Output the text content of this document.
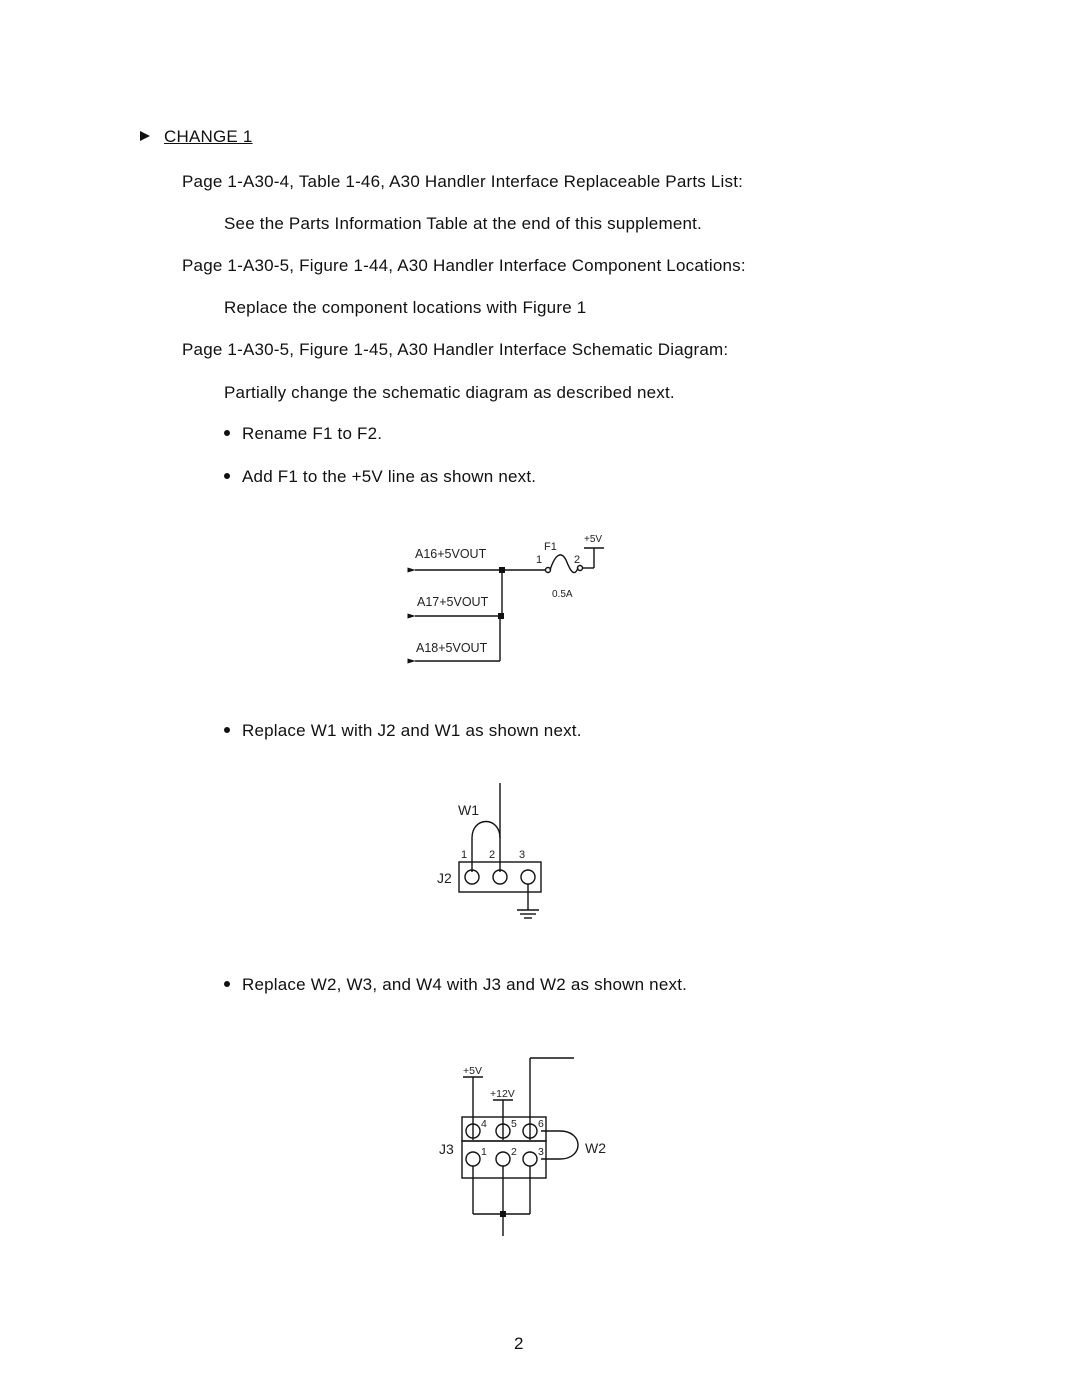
CHANGE 1
Page 1-A30-4, Table 1-46, A30 Handler Interface Replaceable Parts List:
See the Parts Information Table at the end of this supplement.
Page 1-A30-5, Figure 1-44, A30 Handler Interface Component Locations:
Replace the component locations with Figure 1
Page 1-A30-5, Figure 1-45, A30 Handler Interface Schematic Diagram:
Partially change the schematic diagram as described next.
Rename F1 to F2.
Add F1 to the +5V line as shown next.
Replace W1 with J2 and W1 as shown next.
Replace W2, W3, and W4 with J3 and W2 as shown next.
A16+5VOUT
A17+5VOUT
A18+5VOUT
F1
1	2
+5V
0.5A
W1
J2
1 2 3
+5V
+12V
J3	W2
4 5 6
1 2 3
2
